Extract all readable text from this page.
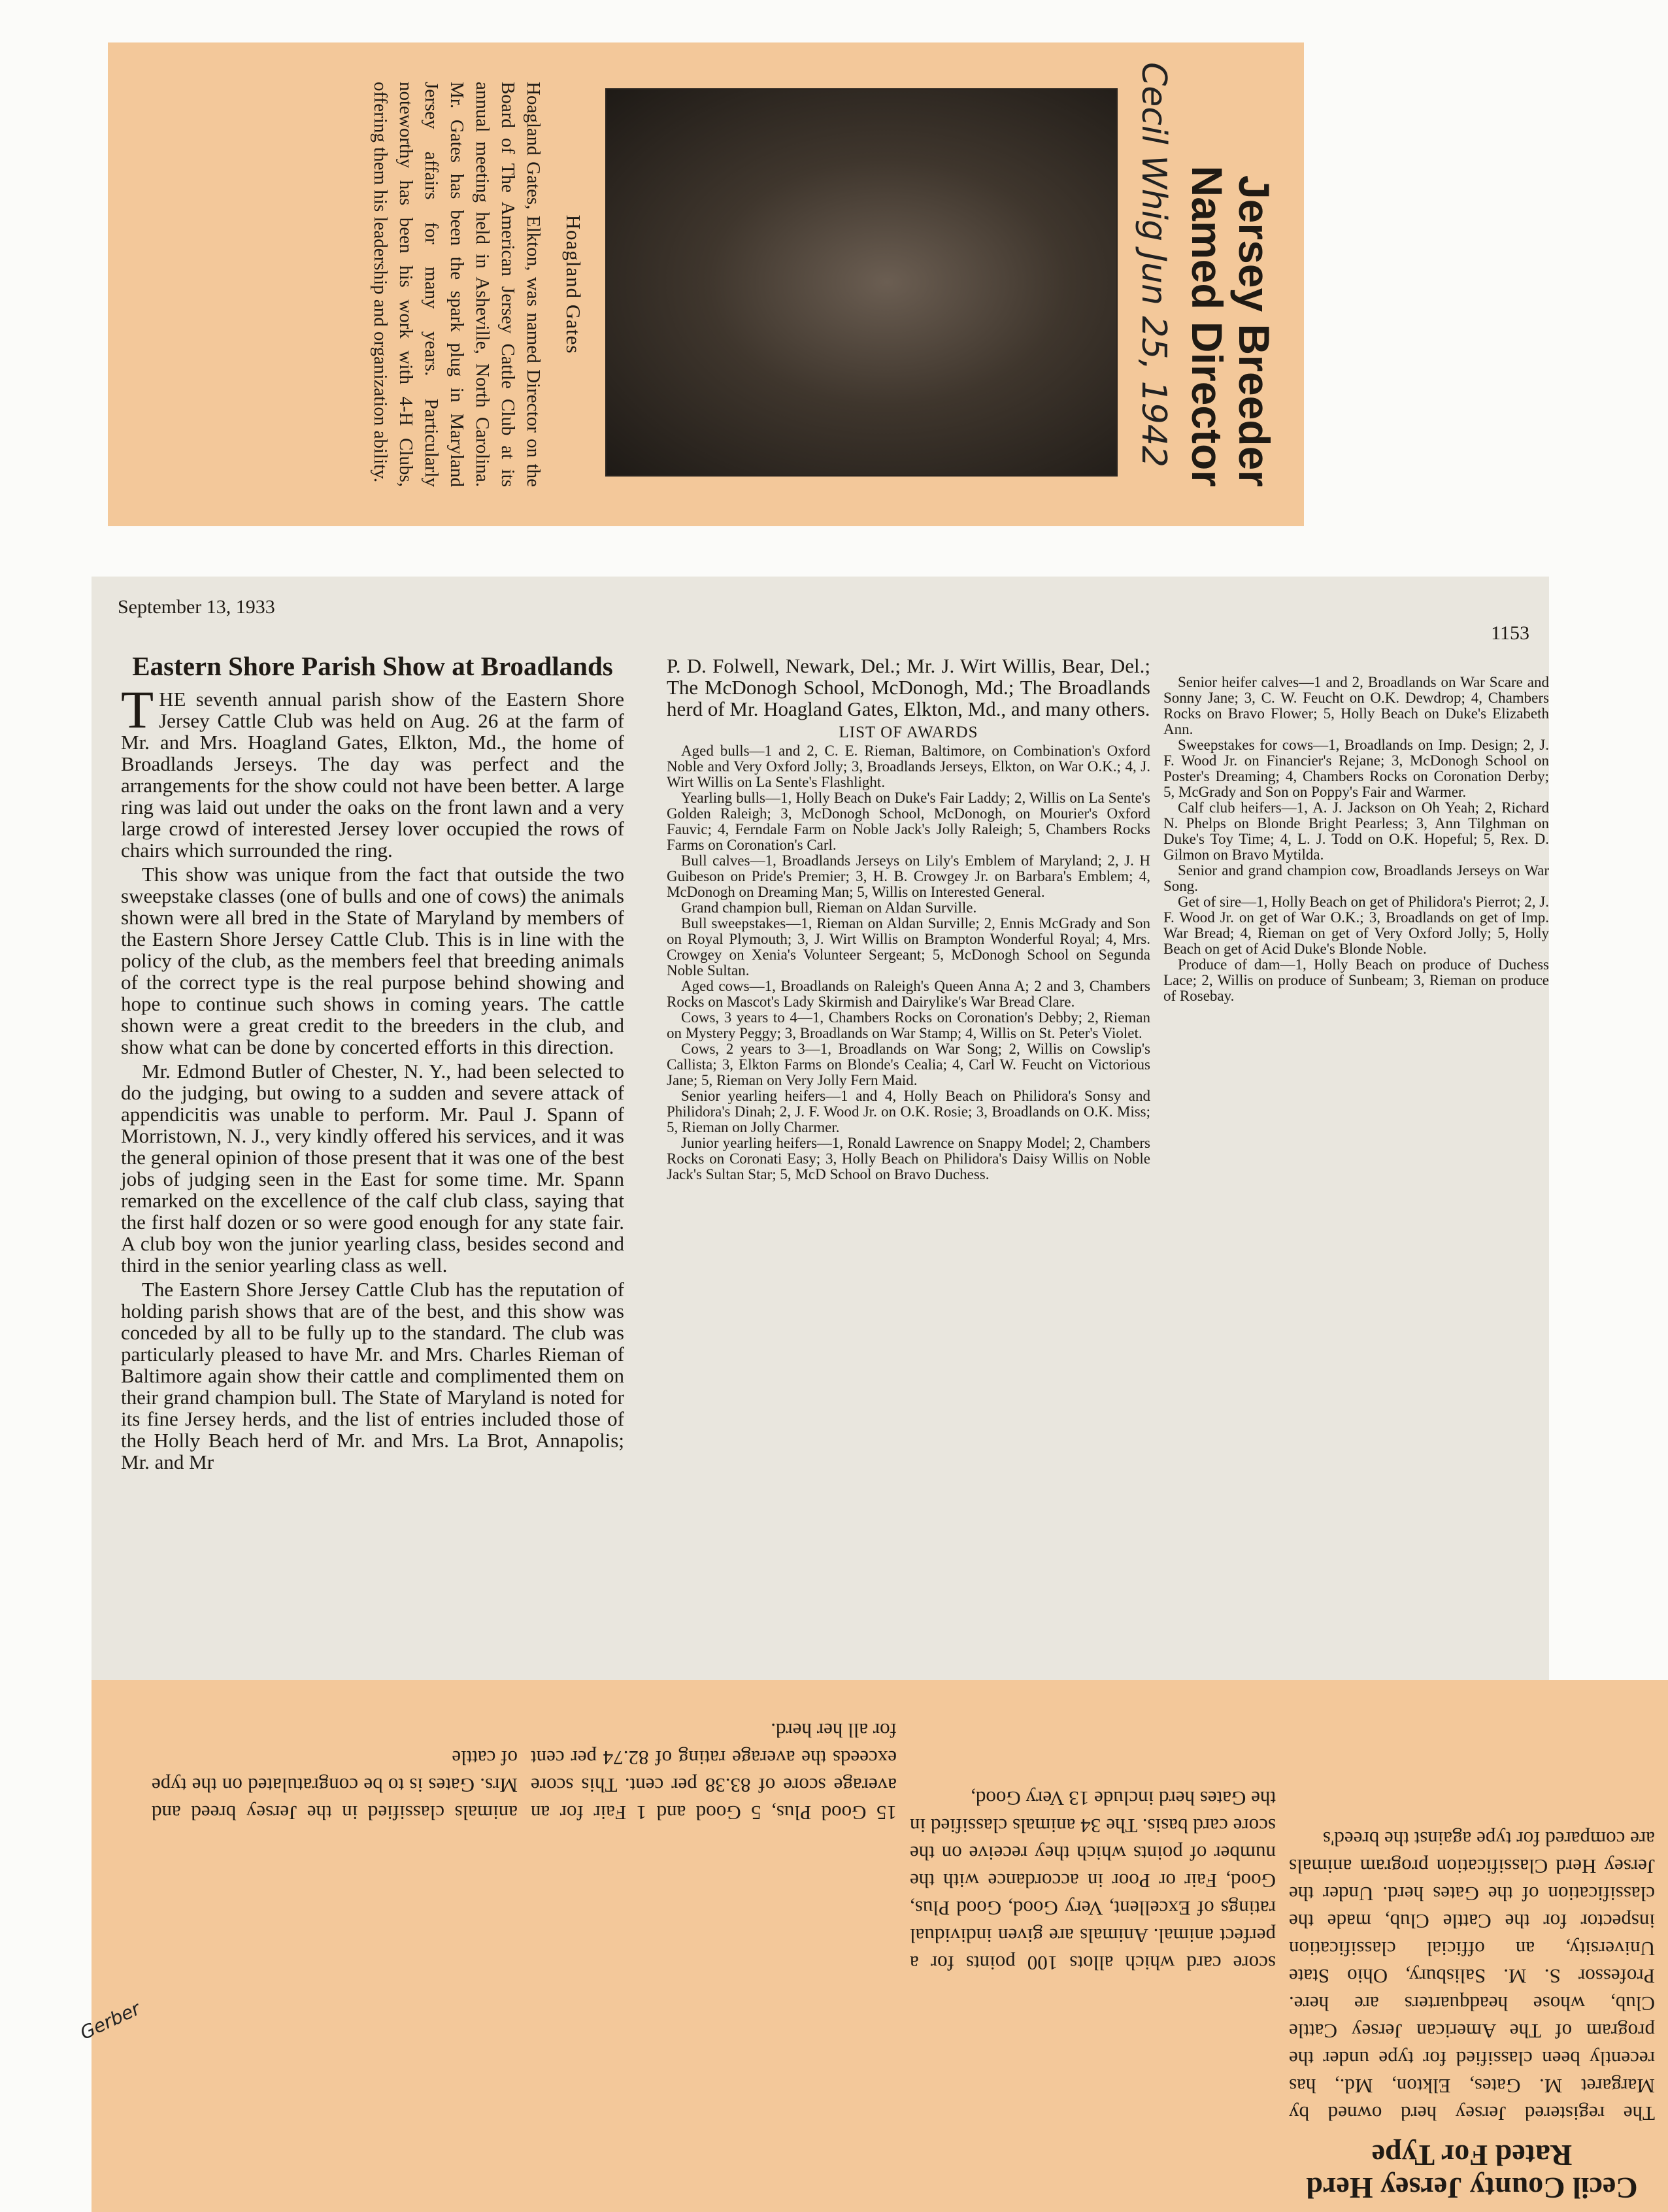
Jersey Breeder
Named Director
Cecil Whig Jun 25, 1942
Hoagland Gates
Hoagland Gates, Elkton, was named Director on the Board of The American Jersey Cattle Club at its annual meeting held in Asheville, North Carolina. Mr. Gates has been the spark plug in Maryland Jersey affairs for many years. Particularly noteworthy has been his work with 4-H Clubs, offering them his leadership and organization ability.
September 13, 1933
1153
Eastern Shore Parish Show at Broadlands

THE seventh annual parish show of the Eastern Shore Jersey Cattle Club was held on Aug. 26 at the farm of Mr. and Mrs. Hoagland Gates, Elkton, Md., the home of Broadlands Jerseys. The day was perfect and the arrangements for the show could not have been better. A large ring was laid out under the oaks on the front lawn and a very large crowd of interested Jersey lover occupied the rows of chairs which surrounded the ring.

This show was unique from the fact that outside the two sweepstake classes (one of bulls and one of cows) the animals shown were all bred in the State of Maryland by members of the Eastern Shore Jersey Cattle Club. This is in line with the policy of the club, as the members feel that breeding animals of the correct type is the real purpose behind showing and hope to continue such shows in coming years. The cattle shown were a great credit to the breeders in the club, and show what can be done by concerted efforts in this direction.

Mr. Edmond Butler of Chester, N. Y., had been selected to do the judging, but owing to a sudden and severe attack of appendicitis was unable to perform. Mr. Paul J. Spann of Morristown, N. J., very kindly offered his services, and it was the general opinion of those present that it was one of the best jobs of judging seen in the East for some time. Mr. Spann remarked on the excellence of the calf club class, saying that the first half dozen or so were good enough for any state fair. A club boy won the junior yearling class, besides second and third in the senior yearling class as well.

The Eastern Shore Jersey Cattle Club has the reputation of holding parish shows that are of the best, and this show was conceded by all to be fully up to the standard. The club was particularly pleased to have Mr. and Mrs. Charles Rieman of Baltimore again show their cattle and complimented them on their grand champion bull. The State of Maryland is noted for its fine Jersey herds, and the list of entries included those of the Holly Beach herd of Mr. and Mrs. La Brot, Annapolis; Mr. and Mr

P. D. Folwell, Newark, Del.; Mr. J. Wirt Willis, Bear, Del.; The McDonogh School, McDonogh, Md.; The Broadlands herd of Mr. Hoagland Gates, Elkton, Md., and many others.

LIST OF AWARDS

Aged bulls—1 and 2, C. E. Rieman, Baltimore, on Combination's Oxford Noble and Very Oxford Jolly; 3, Broadlands Jerseys, Elkton, on War O.K.; 4, J. Wirt Willis on La Sente's Flashlight.

Yearling bulls—1, Holly Beach on Duke's Fair Laddy; 2, Willis on La Sente's Golden Raleigh; 3, McDonogh School, McDonogh, on Mourier's Oxford Fauvic; 4, Ferndale Farm on Noble Jack's Jolly Raleigh; 5, Chambers Rocks Farms on Coronation's Carl.

Bull calves—1, Broadlands Jerseys on Lily's Emblem of Maryland; 2, J. H Guibeson on Pride's Premier; 3, H. B. Crowgey Jr. on Barbara's Emblem; 4, McDonogh on Dreaming Man; 5, Willis on Interested General.

Grand champion bull, Rieman on Aldan Surville.

Bull sweepstakes—1, Rieman on Aldan Surville; 2, Ennis McGrady and Son on Royal Plymouth; 3, J. Wirt Willis on Brampton Wonderful Royal; 4, Mrs. Crowgey on Xenia's Volunteer Sergeant; 5, McDonogh School on Segunda Noble Sultan.

Aged cows—1, Broadlands on Raleigh's Queen Anna A; 2 and 3, Chambers Rocks on Mascot's Lady Skirmish and Dairylike's War Bread Clare.

Cows, 3 years to 4—1, Chambers Rocks on Coronation's Debby; 2, Rieman on Mystery Peggy; 3, Broadlands on War Stamp; 4, Willis on St. Peter's Violet.

Cows, 2 years to 3—1, Broadlands on War Song; 2, Willis on Cowslip's Callista; 3, Elkton Farms on Blonde's Cealia; 4, Carl W. Feucht on Victorious Jane; 5, Rieman on Very Jolly Fern Maid.

Senior yearling heifers—1 and 4, Holly Beach on Philidora's Sonsy and Philidora's Dinah; 2, J. F. Wood Jr. on O.K. Rosie; 3, Broadlands on O.K. Miss; 5, Rieman on Jolly Charmer.

Junior yearling heifers—1, Ronald Lawrence on Snappy Model; 2, Chambers Rocks on Coronati Easy; 3, Holly Beach on Philidora's Daisy Willis on Noble Jack's Sultan Star; 5, McD School on Bravo Duchess.

Senior heifer calves—1 and 2, Broadlands on War Scare and Sonny Jane; 3, C. W. Feucht on O.K. Dewdrop; 4, Chambers Rocks on Bravo Flower; 5, Holly Beach on Duke's Elizabeth Ann.

Sweepstakes for cows—1, Broadlands on Imp. Design; 2, J. F. Wood Jr. on Financier's Rejane; 3, McDonogh School on Poster's Dreaming; 4, Chambers Rocks on Coronation Derby; 5, McGrady and Son on Poppy's Fair and Warmer.

Calf club heifers—1, A. J. Jackson on Oh Yeah; 2, Richard N. Phelps on Blonde Bright Pearless; 3, Ann Tilghman on Duke's Toy Time; 4, L. J. Todd on O.K. Hopeful; 5, Rex. D. Gilmon on Bravo Mytilda.

Senior and grand champion cow, Broadlands Jerseys on War Song.

Get of sire—1, Holly Beach on get of Philidora's Pierrot; 2, J. F. Wood Jr. on get of War O.K.; 3, Broadlands on get of Imp. War Bread; 4, Rieman on get of Very Oxford Jolly; 5, Holly Beach on get of Acid Duke's Blonde Noble.

Produce of dam—1, Holly Beach on produce of Duchess Lace; 2, Willis on produce of Sunbeam; 3, Rieman on produce of Rosebay.

Cecil County Jersey Herd Rated For Type
The registered Jersey herd owned by Margaret M. Gates, Elkton, Md., has recently been classified for type under the program of The American Jersey Cattle Club, whose headquarters are here. Professor S. M. Salisbury, Ohio State University, an official classification inspector for the Cattle Club, made the classification of the Gates herd. Under the Jersey Herd Classification program animals are compared for type against the breed's
score card which allots 100 points for a perfect animal. Animals are given individual ratings of Excellent, Very Good, Good Plus, Good, Fair or Poor in accordance with the number of points which they receive on the score card basis. The 34 animals classified in the Gates herd include 13 Very Good,
15 Good Plus, 5 Good and 1 Fair for an average score of 83.38 per cent. This score exceeds the average rating of 82.74 per cent for all her herd.
animals classified in the Jersey breed and Mrs. Gates is to be congratulated on the type of cattle
Gerber
